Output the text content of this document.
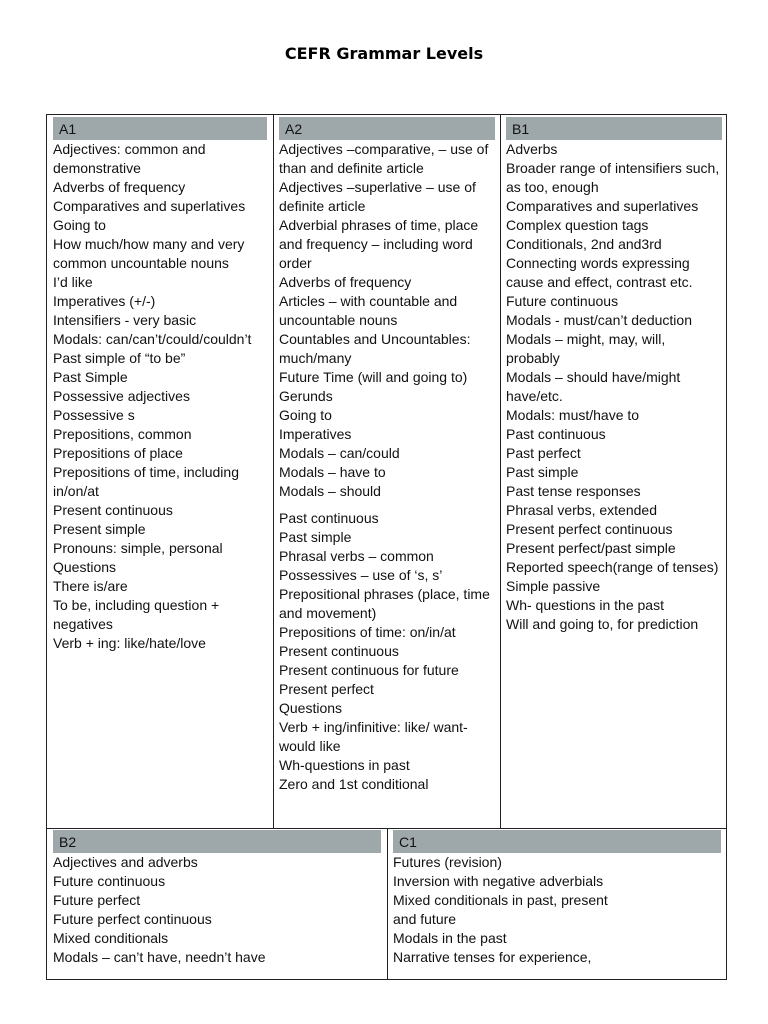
CEFR Grammar Levels
A1
Adjectives: common and demonstrative
Adverbs of frequency
Comparatives and superlatives
Going to
How much/how many and very common uncountable nouns
I’d like
Imperatives (+/-)
Intensifiers - very basic
Modals: can/can’t/could/couldn’t
Past simple of “to be”
Past Simple
Possessive adjectives
Possessive s
Prepositions, common
Prepositions of place
Prepositions of time, including in/on/at
Present continuous
Present simple
Pronouns: simple, personal
Questions
There is/are
To be, including question + negatives
Verb + ing: like/hate/love
A2
Adjectives –comparative, – use of than and definite article
Adjectives –superlative – use of definite article
Adverbial phrases of time, place and frequency – including word order
Adverbs of frequency
Articles – with countable and uncountable nouns
Countables and Uncountables: much/many
Future Time (will and going to)
Gerunds
Going to
Imperatives
Modals – can/could
Modals – have to
Modals – should
Past continuous
Past simple
Phrasal verbs – common
Possessives – use of ‘s, s’
Prepositional phrases (place, time and movement)
Prepositions of time: on/in/at
Present continuous
Present continuous for future
Present perfect
Questions
Verb + ing/infinitive: like/ want-would like
Wh-questions in past
Zero and 1st conditional
B1
Adverbs
Broader range of intensifiers such, as too, enough
Comparatives and superlatives
Complex question tags
Conditionals, 2nd and3rd
Connecting words expressing cause and effect, contrast etc.
Future continuous
Modals - must/can’t deduction
Modals – might, may, will, probably
Modals – should have/might have/etc.
Modals: must/have to
Past continuous
Past perfect
Past simple
Past tense responses
Phrasal verbs, extended
Present perfect continuous
Present perfect/past simple
Reported speech(range of tenses)
Simple passive
Wh- questions in the past
Will and going to, for prediction
B2
Adjectives and adverbs
Future continuous
Future perfect
Future perfect continuous
Mixed conditionals
Modals – can’t have, needn’t have
C1
Futures (revision)
Inversion with negative adverbials
Mixed conditionals in past, present and future
Modals in the past
Narrative tenses for experience,
